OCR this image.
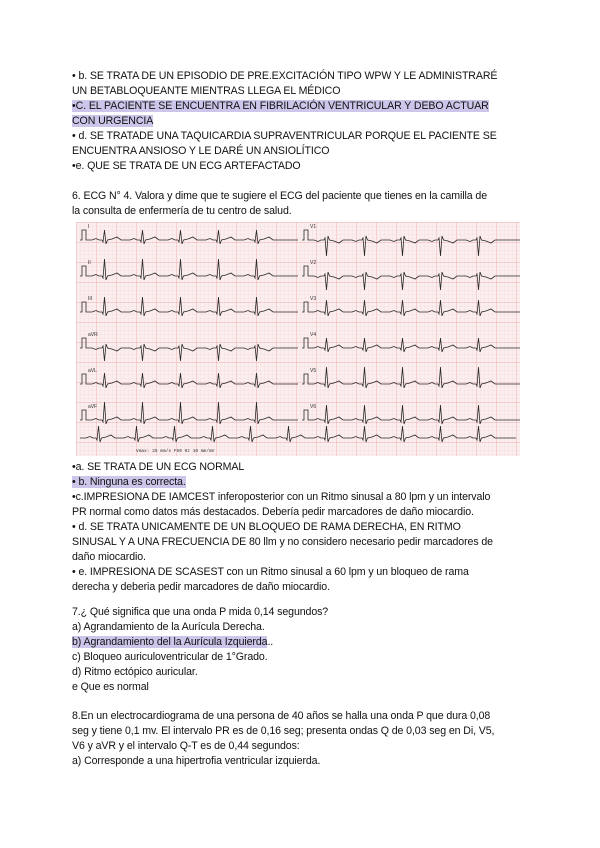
• b. SE TRATA DE UN EPISODIO DE PRE.EXCITACIÓN TIPO WPW Y LE ADMINISTRARÉ
UN BETABLOQUEANTE MIENTRAS LLEGA EL MÉDICO
•C. EL PACIENTE SE ENCUENTRA EN FIBRILACIÓN VENTRICULAR Y DEBO ACTUAR
CON URGENCIA
• d. SE TRATADE UNA TAQUICARDIA SUPRAVENTRICULAR PORQUE EL PACIENTE SE
ENCUENTRA ANSIOSO Y LE DARÉ UN ANSIOLÍTICO
•e. QUE SE TRATA DE UN ECG ARTEFACTADO
6. ECG N° 4. Valora y dime que te sugiere el ECG del paciente que tienes en la camilla de
la consulta de enfermería de tu centro de salud.
I
II
III
aVR
aVL
aVF
V1
V2
V3
V4
V5
V6
Vmax: 25 mm/s F50 Hz 10 mm/mV
•a. SE TRATA DE UN ECG NORMAL
• b. Ninguna es correcta.
•c.IMPRESIONA DE IAMCEST inferoposterior con un Ritmo sinusal a 80 lpm y un intervalo
PR normal como datos más destacados. Debería pedir marcadores de daño miocardio.
• d. SE TRATA UNICAMENTE DE UN BLOQUEO DE RAMA DERECHA, EN RITMO
SINUSAL Y A UNA FRECUENCIA DE 80 llm y no considero necesario pedir marcadores de
daño miocardio.
• e. IMPRESIONA DE SCASEST con un Ritmo sinusal a 60 lpm y un bloqueo de rama
derecha y deberia pedir marcadores de daño miocardio.
7.¿ Qué significa que una onda P mida 0,14 segundos?
a) Agrandamiento de la Aurícula Derecha.
b) Agrandamiento del la Aurícula Izquierda..
c) Bloqueo auriculoventricular de 1°Grado.
d) Ritmo ectópico auricular.
e Que es normal
8.En un electrocardiograma de una persona de 40 años se halla una onda P que dura 0,08
seg y tiene 0,1 mv. El intervalo PR es de 0,16 seg; presenta ondas Q de 0,03 seg en Di, V5,
V6 y aVR y el intervalo Q-T es de 0,44 segundos:
a) Corresponde a una hipertrofia ventricular izquierda.
